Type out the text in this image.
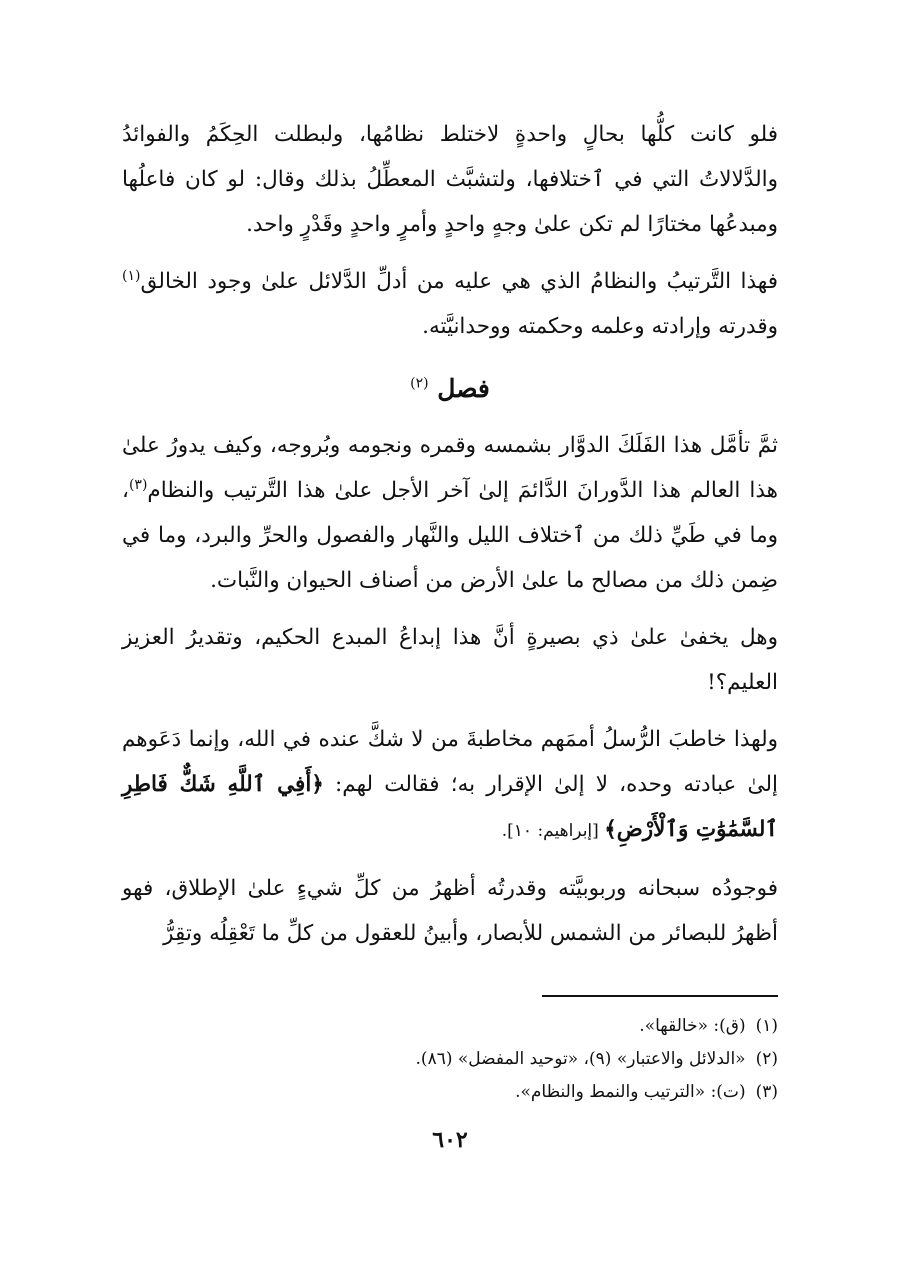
فلو كانت كلُّها بحالٍ واحدةٍ لاختلط نظامُها، ولبطلت الحِكَمُ والفوائدُ والدَّلالاتُ التي في ٱختلافها، ولتشبَّث المعطِّلُ بذلك وقال: لو كان فاعلُها ومبدعُها مختارًا لم تكن علىٰ وجهٍ واحدٍ وأمرٍ واحدٍ وقَدْرٍ واحد.

فهذا التَّرتيبُ والنظامُ الذي هي عليه من أدلِّ الدَّلائل علىٰ وجود الخالق$^{(١)}$ وقدرته وإرادته وعلمه وحكمته ووحدانيَّته.

فصل $^{(٢)}$

ثمَّ تأمَّل هذا الفَلَكَ الدوَّار بشمسه وقمره ونجومه وبُروجه، وكيف يدورُ علىٰ هذا العالم هذا الدَّورانَ الدَّائمَ إلىٰ آخر الأجل علىٰ هذا التَّرتيب والنظام$^{(٣)}$، وما في طَيِّ ذلك من ٱختلاف الليل والنَّهار والفصول والحرِّ والبرد، وما في ضِمن ذلك من مصالح ما علىٰ الأرض من أصناف الحيوان والنَّبات.

وهل يخفىٰ علىٰ ذي بصيرةٍ أنَّ هذا إبداعُ المبدع الحكيم، وتقديرُ العزيز العليم؟!

ولهذا خاطبَ الرُّسلُ أممَهم مخاطبةَ من لا شكَّ عنده في الله، وإنما دَعَوهم إلىٰ عبادته وحده، لا إلىٰ الإقرار به؛ فقالت لهم: ﴿أَفِي ٱللَّهِ شَكٌّ فَاطِرِ ٱلسَّمَٰوَٰتِ وَٱلْأَرْضِ﴾ [إبراهيم: ١٠].

فوجودُه سبحانه وربوبيَّته وقدرتُه أظهرُ من كلِّ شيءٍ علىٰ الإطلاق، فهو أظهرُ للبصائر من الشمس للأبصار، وأبينُ للعقول من كلِّ ما تَعْقِلُه وتقِرُّ

(١)(ق): «خالقها».

(٢)«الدلائل والاعتبار» (٩)، «توحيد المفضل» (٨٦).

(٣)(ت): «الترتيب والنمط والنظام».

٦٠٢
